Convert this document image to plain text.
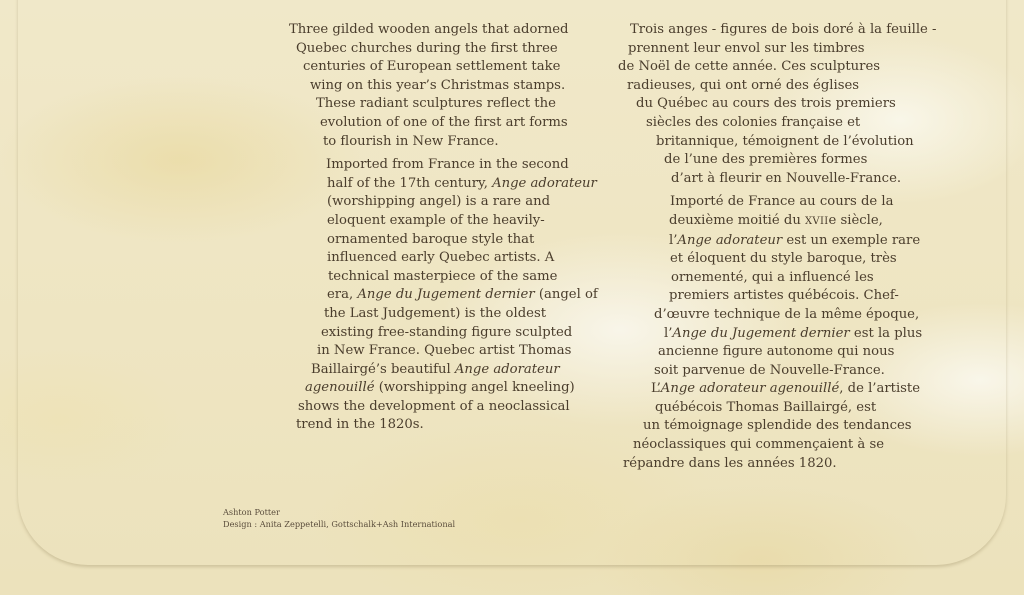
Three gilded wooden angels that adorned
Quebec churches during the first three
centuries of European settlement take
wing on this year’s Christmas stamps.
These radiant sculptures reflect the
evolution of one of the first art forms
to flourish in New France.
Imported from France in the second
half of the 17th century, Ange adorateur
(worshipping angel) is a rare and
eloquent example of the heavily-
ornamented baroque style that
influenced early Quebec artists. A
technical masterpiece of the same
era, Ange du Jugement dernier (angel of
the Last Judgement) is the oldest
existing free-standing figure sculpted
in New France. Quebec artist Thomas
Baillairgé’s beautiful Ange adorateur
agenouillé (worshipping angel kneeling)
shows the development of a neoclassical
trend in the 1820s.
Trois anges - figures de bois doré à la feuille -
prennent leur envol sur les timbres
de Noël de cette année. Ces sculptures
radieuses, qui ont orné des églises
du Québec au cours des trois premiers
siècles des colonies française et
britannique, témoignent de l’évolution
de l’une des premières formes
d’art à fleurir en Nouvelle-France.
Importé de France au cours de la
deuxième moitié du XVIIe siècle,
l’Ange adorateur est un exemple rare
et éloquent du style baroque, très
ornementé, qui a influencé les
premiers artistes québécois. Chef-
d’œuvre technique de la même époque,
l’Ange du Jugement dernier est la plus
ancienne figure autonome qui nous
soit parvenue de Nouvelle-France.
L’Ange adorateur agenouillé, de l’artiste
québécois Thomas Baillairgé, est
un témoignage splendide des tendances
néoclassiques qui commençaient à se
répandre dans les années 1820.
Ashton Potter
Design : Anita Zeppetelli, Gottschalk+Ash International
